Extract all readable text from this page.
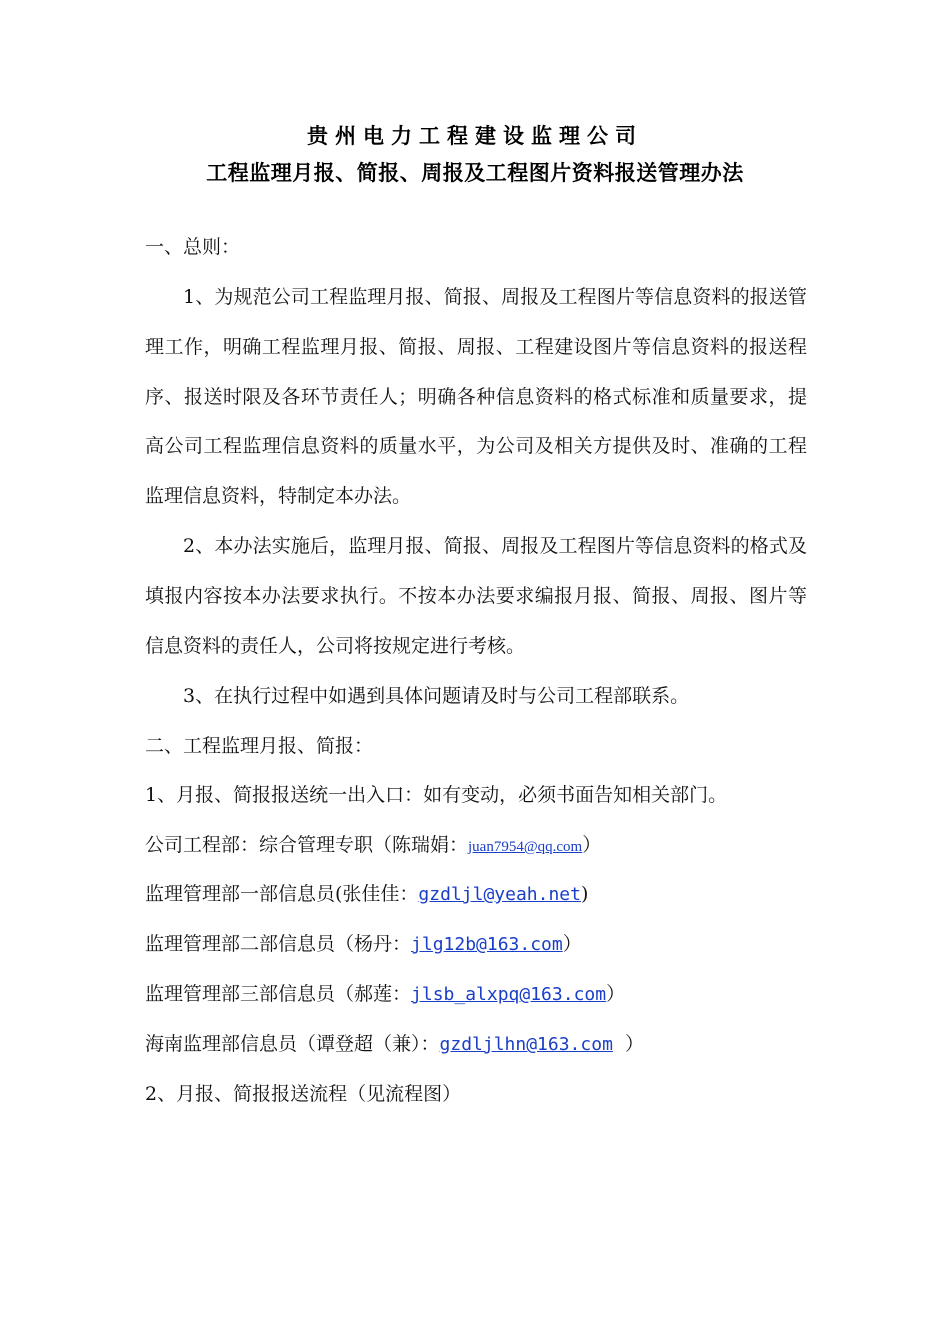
贵州电力工程建设监理公司
工程监理月报、简报、周报及工程图片资料报送管理办法
一、总则：
1、为规范公司工程监理月报、简报、周报及工程图片等信息资料的报送管理工作，明确工程监理月报、简报、周报、工程建设图片等信息资料的报送程序、报送时限及各环节责任人；明确各种信息资料的格式标准和质量要求，提高公司工程监理信息资料的质量水平，为公司及相关方提供及时、准确的工程监理信息资料，特制定本办法。
2、本办法实施后，监理月报、简报、周报及工程图片等信息资料的格式及填报内容按本办法要求执行。不按本办法要求编报月报、简报、周报、图片等信息资料的责任人，公司将按规定进行考核。
3、在执行过程中如遇到具体问题请及时与公司工程部联系。
二、工程监理月报、简报：
1、月报、简报报送统一出入口：如有变动，必须书面告知相关部门。
公司工程部：综合管理专职（陈瑞娟：juan7954@qq.com）
监理管理部一部信息员(张佳佳：gzdljl@yeah.net)
监理管理部二部信息员（杨丹：jlg12b@163.com）
监理管理部三部信息员（郝莲：jlsb_alxpq@163.com）
海南监理部信息员（谭登超（兼）：gzdljlhn@163.com  ）
2、月报、简报报送流程（见流程图）
